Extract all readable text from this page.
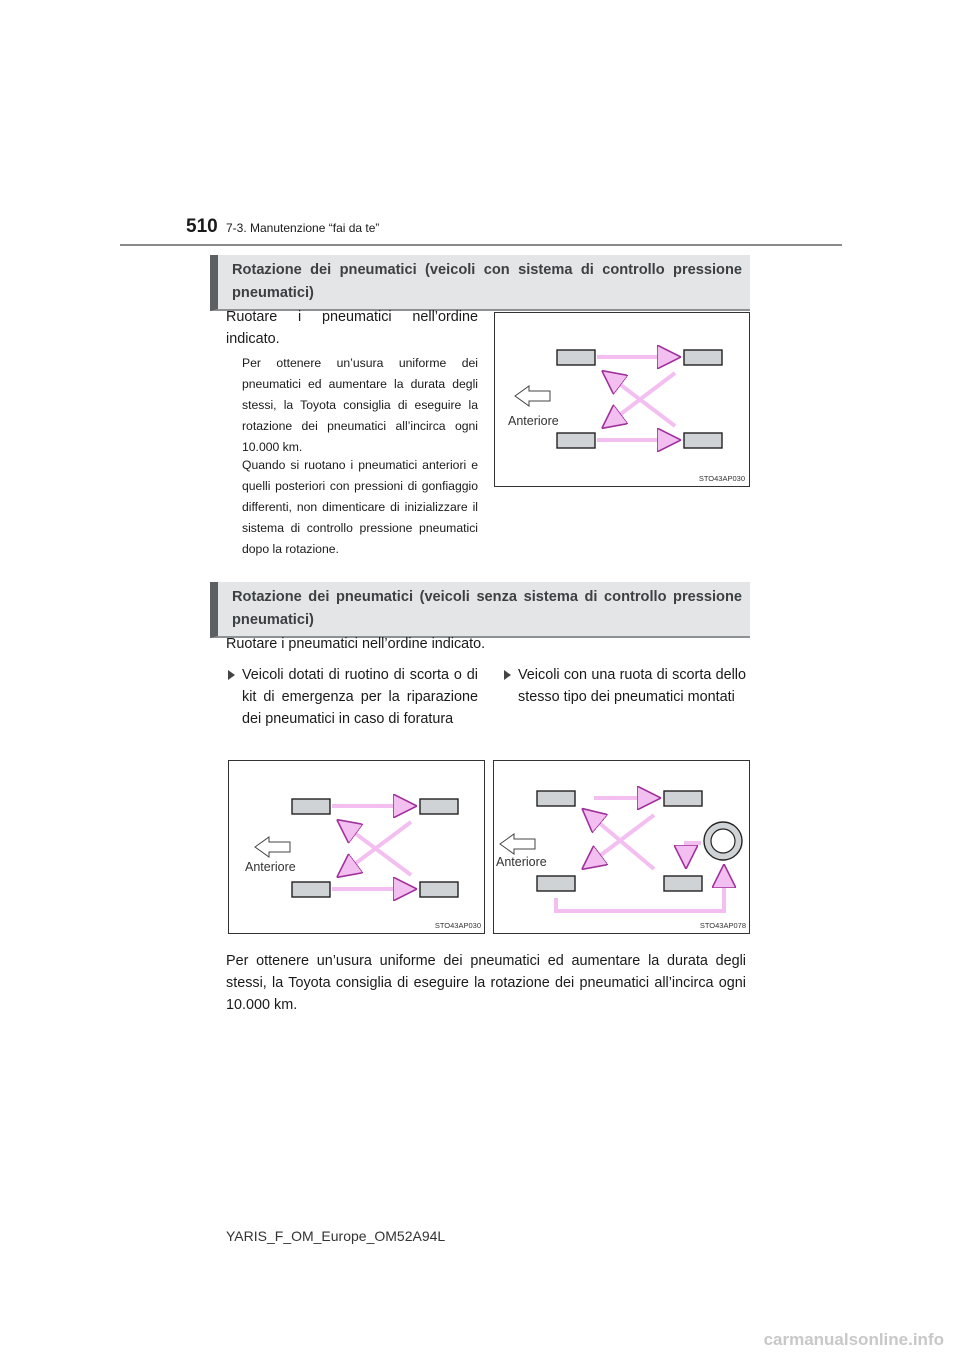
510 7-3. Manutenzione “fai da te”
Rotazione dei pneumatici (veicoli con sistema di controllo pressione pneumatici)
Ruotare i pneumatici nell’ordine indicato.
Per ottenere un’usura uniforme dei pneumatici ed aumentare la durata degli stessi, la Toyota consiglia di eseguire la rotazione dei pneumatici all’incirca ogni 10.000 km.
Quando si ruotano i pneumatici anteriori e quelli posteriori con pressioni di gonfiaggio differenti, non dimenticare di inizializzare il sistema di controllo pressione pneumatici dopo la rotazione.
Anteriore
STO43AP030
Rotazione dei pneumatici (veicoli senza sistema di controllo pressione pneumatici)
Ruotare i pneumatici nell’ordine indicato.
Veicoli dotati di ruotino di scorta o di kit di emergenza per la riparazione dei pneumatici in caso di foratura
Veicoli con una ruota di scorta dello stesso tipo dei pneumatici montati
Anteriore
STO43AP030
Anteriore
STO43AP078
Per ottenere un’usura uniforme dei pneumatici ed aumentare la durata degli stessi, la Toyota consiglia di eseguire la rotazione dei pneumatici all’incirca ogni 10.000 km.
YARIS_F_OM_Europe_OM52A94L
carmanualsonline.info
